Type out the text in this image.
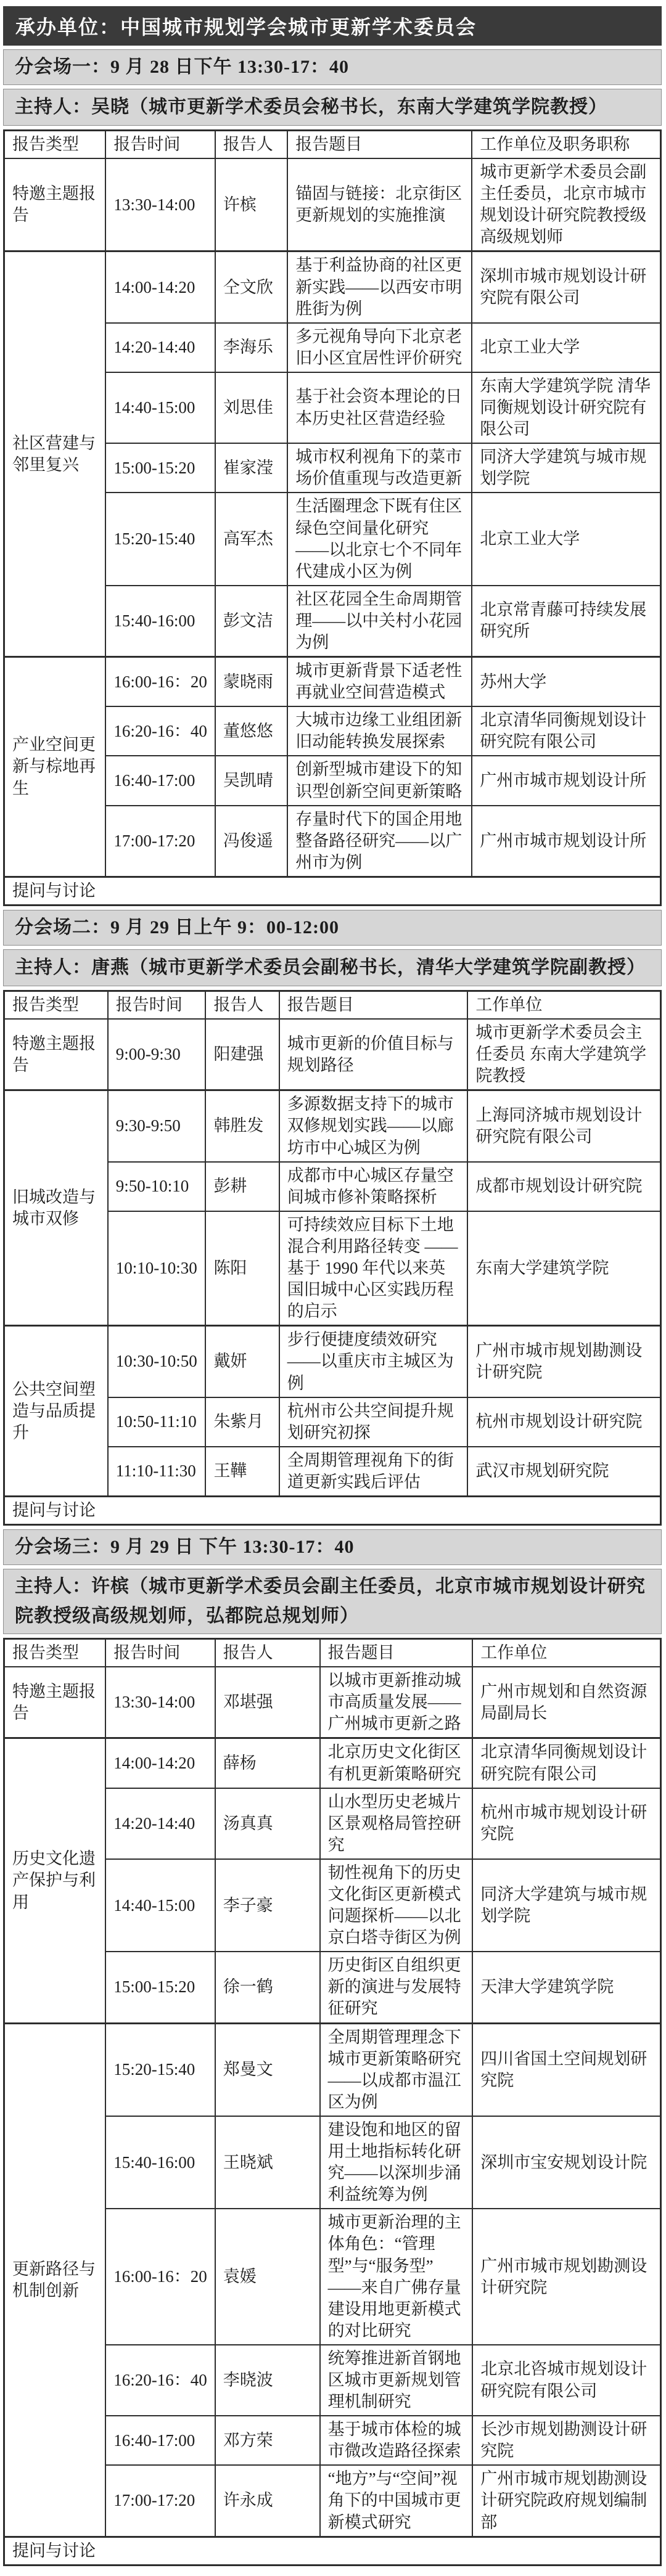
承办单位：中国城市规划学会城市更新学术委员会
分会场一：9 月 28 日下午 13:30-17：40
主持人：吴晓（城市更新学术委员会秘书长，东南大学建筑学院教授）
报告类型	报告时间	报告人	报告题目	工作单位及职务职称
特邀主题报告	13:30-14:00	许槟	锚固与链接：北京街区更新规划的实施推演	城市更新学术委员会副主任委员，北京市城市规划设计研究院教授级高级规划师
社区营建与邻里复兴	14:00-14:20	仝文欣	基于利益协商的社区更新实践——以西安市明胜街为例	深圳市城市规划设计研究院有限公司
	14:20-14:40	李海乐	多元视角导向下北京老旧小区宜居性评价研究	北京工业大学
	14:40-15:00	刘思佳	基于社会资本理论的日本历史社区营造经验	东南大学建筑学院 清华同衡规划设计研究院有限公司
	15:00-15:20	崔家滢	城市权利视角下的菜市场价值重现与改造更新	同济大学建筑与城市规划学院
	15:20-15:40	高军杰	生活圈理念下既有住区绿色空间量化研究 ——以北京七个不同年代建成小区为例	北京工业大学
	15:40-16:00	彭文洁	社区花园全生命周期管理——以中关村小花园为例	北京常青藤可持续发展研究所
产业空间更新与棕地再生	16:00-16：20	蒙晓雨	城市更新背景下适老性再就业空间营造模式	苏州大学
	16:20-16：40	董悠悠	大城市边缘工业组团新旧动能转换发展探索	北京清华同衡规划设计研究院有限公司
	16:40-17:00	吴凯晴	创新型城市建设下的知识型创新空间更新策略	广州市城市规划设计所
	17:00-17:20	冯俊遥	存量时代下的国企用地整备路径研究——以广州市为例	广州市城市规划设计所
提问与讨论				
分会场二：9 月 29 日上午 9：00-12:00
主持人：唐燕（城市更新学术委员会副秘书长，清华大学建筑学院副教授）
报告类型	报告时间	报告人	报告题目	工作单位
特邀主题报告	9:00-9:30	阳建强	城市更新的价值目标与规划路径	城市更新学术委员会主任委员 东南大学建筑学院教授
旧城改造与城市双修	9:30-9:50	韩胜发	多源数据支持下的城市双修规划实践——以廊坊市中心城区为例	上海同济城市规划设计研究院有限公司
	9:50-10:10	彭耕	成都市中心城区存量空间城市修补策略探析	成都市规划设计研究院
	10:10-10:30	陈阳	可持续效应目标下土地混合利用路径转变 ——基于 1990 年代以来英国旧城中心区实践历程的启示	东南大学建筑学院
公共空间塑造与品质提升	10:30-10:50	戴妍	步行便捷度绩效研究——以重庆市主城区为例	广州市城市规划勘测设计研究院
	10:50-11:10	朱紫月	杭州市公共空间提升规划研究初探	杭州市规划设计研究院
	11:10-11:30	王鞾	全周期管理视角下的街道更新实践后评估	武汉市规划研究院
提问与讨论				
分会场三：9 月 29 日 下午 13:30-17：40
主持人：许槟（城市更新学术委员会副主任委员，北京市城市规划设计研究院教授级高级规划师，弘都院总规划师）
报告类型	报告时间	报告人	报告题目	工作单位
特邀主题报告	13:30-14:00	邓堪强	以城市更新推动城市高质量发展——广州城市更新之路	广州市规划和自然资源局副局长
历史文化遗产保护与利用	14:00-14:20	薛杨	北京历史文化街区有机更新策略研究	北京清华同衡规划设计研究院有限公司
	14:20-14:40	汤真真	山水型历史老城片区景观格局管控研究	杭州市城市规划设计研究院
	14:40-15:00	李子豪	韧性视角下的历史文化街区更新模式问题探析——以北京白塔寺街区为例	同济大学建筑与城市规划学院
	15:00-15:20	徐一鹤	历史街区自组织更新的演进与发展特征研究	天津大学建筑学院
更新路径与机制创新	15:20-15:40	郑曼文	全周期管理理念下城市更新策略研究 ——以成都市温江区为例	四川省国土空间规划研究院
	15:40-16:00	王晓斌	建设饱和地区的留用土地指标转化研究——以深圳步涌利益统筹为例	深圳市宝安规划设计院
	16:00-16：20	袁媛	城市更新治理的主体角色：“管理型”与“服务型” ——来自广佛存量建设用地更新模式的对比研究	广州市城市规划勘测设计研究院
	16:20-16：40	李晓波	统筹推进新首钢地区城市更新规划管理机制研究	北京北咨城市规划设计研究院有限公司
	16:40-17:00	邓方荣	基于城市体检的城市微改造路径探索	长沙市规划勘测设计研究院
	17:00-17:20	许永成	“地方”与“空间”视角下的中国城市更新模式研究	广州市城市规划勘测设计研究院政府规划编制部
提问与讨论				
